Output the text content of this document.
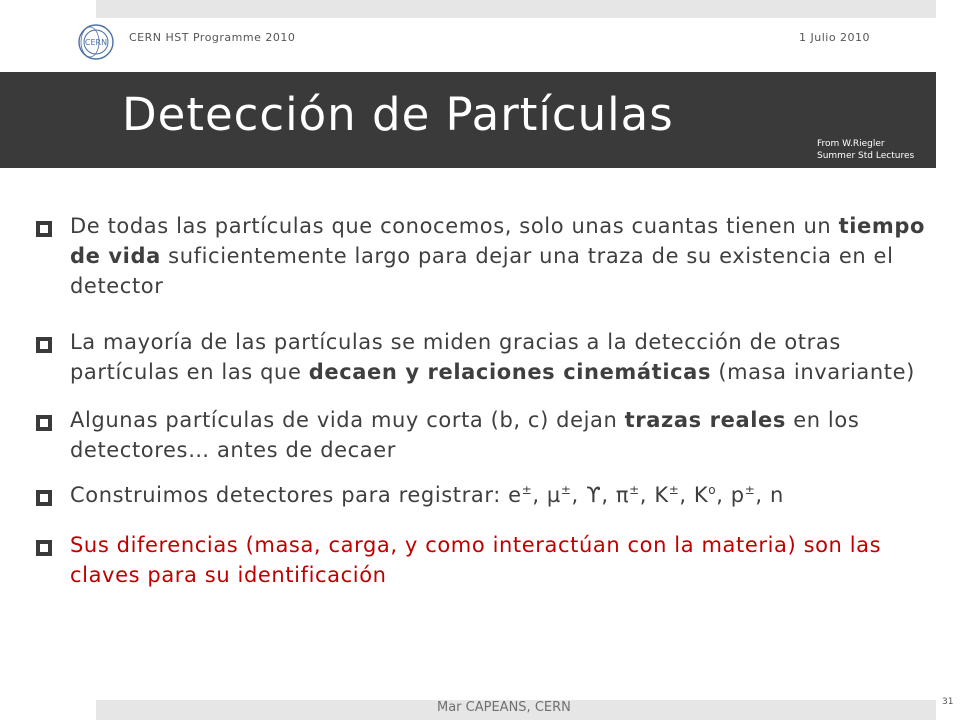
CERN CERN HST Programme 2010	1 Julio 2010
Detección de Partículas
From W.Riegler
Summer Std Lectures
De todas las partículas que conocemos, solo unas cuantas tienen un tiempo de vida suficientemente largo para dejar una traza de su existencia en el detector
La mayoría de las partículas se miden gracias a la detección de otras partículas en las que decaen y relaciones cinemáticas (masa invariante)
Algunas partículas de vida muy corta (b, c) dejan trazas reales en los detectores… antes de decaer
Construimos detectores para registrar: e±, µ±, ϒ, π±, K±, $K^o$, p±, n
Sus diferencias (masa, carga, y como interactúan con la materia) son las claves para su identificación
Mar CAPEANS, CERN	31
